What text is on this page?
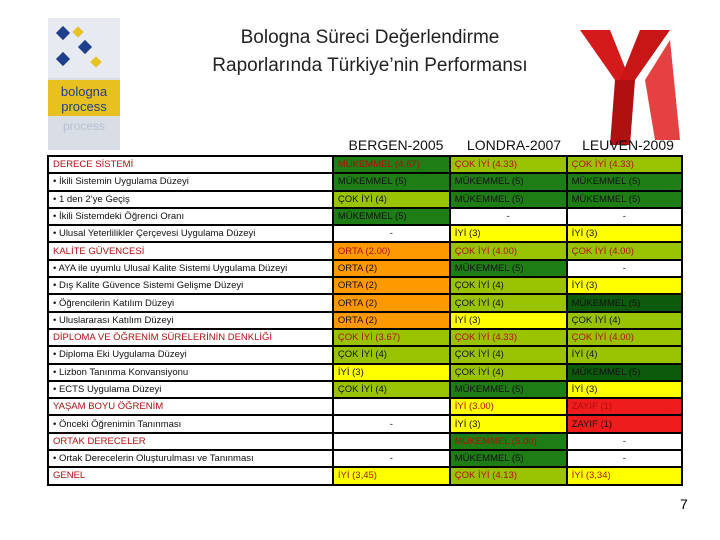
bologna
process
process
Bologna Süreci Değerlendirme
Raporlarında Türkiye’nin Performansı
BERGEN-2005	LONDRA-2007	LEUVEN-2009
DERECE SİSTEMİ	MÜKEMMEL (4.67)	ÇOK İYİ (4.33)	ÇOK İYİ (4.33)
• İkili Sistemin Uygulama Düzeyi	MÜKEMMEL (5)	MÜKEMMEL (5)	MÜKEMMEL (5)
• 1 den 2’ye Geçiş	ÇOK İYİ (4)	MÜKEMMEL (5)	MÜKEMMEL (5)
• İkili Sistemdeki Öğrenci Oranı	MÜKEMMEL (5)	-	-
• Ulusal Yeterlilikler Çerçevesi Uygulama Düzeyi	-	İYİ (3)	İYİ (3)
KALİTE GÜVENCESİ	ORTA (2.00)	ÇOK İYİ (4.00)	ÇOK İYİ (4.00)
• AYA ile uyumlu Ulusal Kalite Sistemi Uygulama Düzeyi	ORTA (2)	MÜKEMMEL (5)	-
• Dış Kalite Güvence Sistemi Gelişme Düzeyi	ORTA (2)	ÇOK İYİ (4)	İYİ (3)
• Öğrencilerin Katılım Düzeyi	ORTA (2)	ÇOK İYİ (4)	MÜKEMMEL (5)
• Uluslararası Katılım Düzeyi	ORTA (2)	İYİ (3)	ÇOK İYİ (4)
DİPLOMA VE ÖĞRENİM SÜRELERİNİN DENKLİĞİ	ÇOK İYİ (3.67)	ÇOK İYİ (4.33)	ÇOK İYİ (4.00)
• Diploma Eki Uygulama Düzeyi	ÇOK İYİ (4)	ÇOK İYİ (4)	İYİ (4)
• Lizbon Tanınma Konvansiyonu	İYİ (3)	ÇOK İYİ (4)	MÜKEMMEL (5)
• ECTS Uygulama Düzeyi	ÇOK İYİ (4)	MÜKEMMEL (5)	İYİ (3)
YAŞAM BOYU ÖĞRENİM		İYİ (3.00)	ZAYIF (1)
• Önceki Öğrenimin Tanınması	-	İYİ (3)	ZAYIF (1)
ORTAK DERECELER		MÜKEMMEL (5.00)	-
• Ortak Derecelerin Oluşturulması ve Tanınması	-	MÜKEMMEL (5)	-
GENEL	İYİ (3,45)	ÇOK İYİ (4.13)	İYİ (3,34)
7
